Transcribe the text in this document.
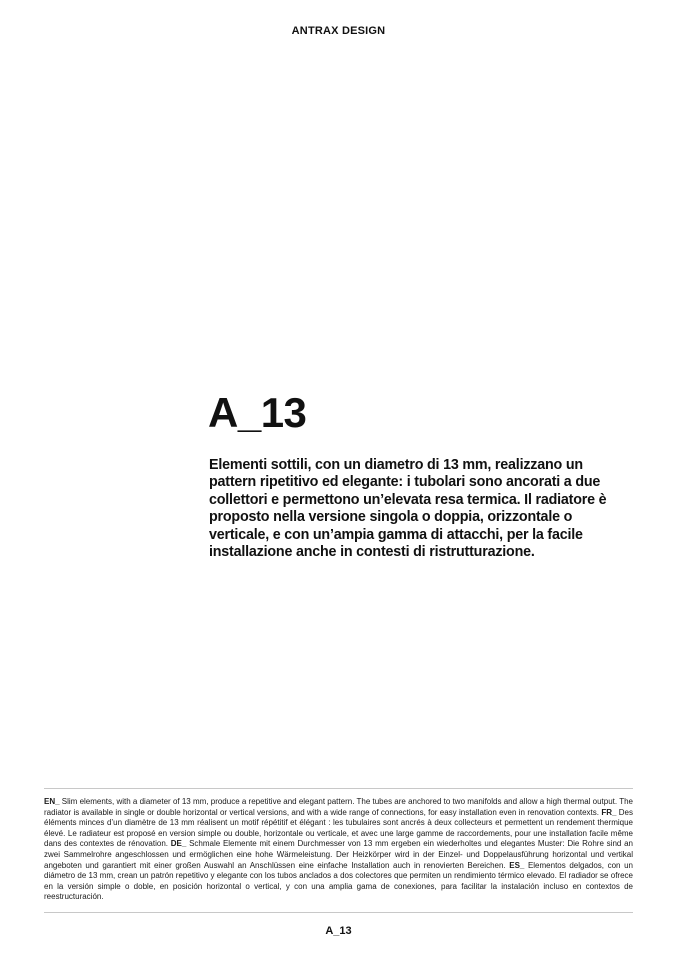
ANTRAX DESIGN
A_13

Elementi sottili, con un diametro di 13 mm, realizzano un pattern ripetitivo ed elegante: i tubolari sono ancorati a due collettori e permettono un’elevata resa termica. Il radiatore è proposto nella versione singola o doppia, orizzontale o verticale, e con un’ampia gamma di attacchi, per la facile installazione anche in contesti di ristrutturazione.

EN_ Slim elements, with a diameter of 13 mm, produce a repetitive and elegant pattern. The tubes are anchored to two manifolds and allow a high thermal output. The radiator is available in single or double horizontal or vertical versions, and with a wide range of connections, for easy installation even in renovation contexts. FR_ Des éléments minces d’un diamètre de 13 mm réalisent un motif répétitif et élégant : les tubulaires sont ancrés à deux collecteurs et permettent un rendement thermique élevé. Le radiateur est proposé en version simple ou double, horizontale ou verticale, et avec une large gamme de raccordements, pour une installation facile même dans des contextes de rénovation. DE_ Schmale Elemente mit einem Durchmesser von 13 mm ergeben ein wiederholtes und elegantes Muster: Die Rohre sind an zwei Sammelrohre angeschlossen und ermöglichen eine hohe Wärmeleistung. Der Heizkörper wird in der Einzel- und Doppelausführung horizontal und vertikal angeboten und garantiert mit einer großen Auswahl an Anschlüssen eine einfache Installation auch in renovierten Bereichen. ES_ Elementos delgados, con un diámetro de 13 mm, crean un patrón repetitivo y elegante con los tubos anclados a dos colectores que permiten un rendimiento térmico elevado. El radiador se ofrece en la versión simple o doble, en posición horizontal o vertical, y con una amplia gama de conexiones, para facilitar la instalación incluso en contextos de reestructuración.

A_13
